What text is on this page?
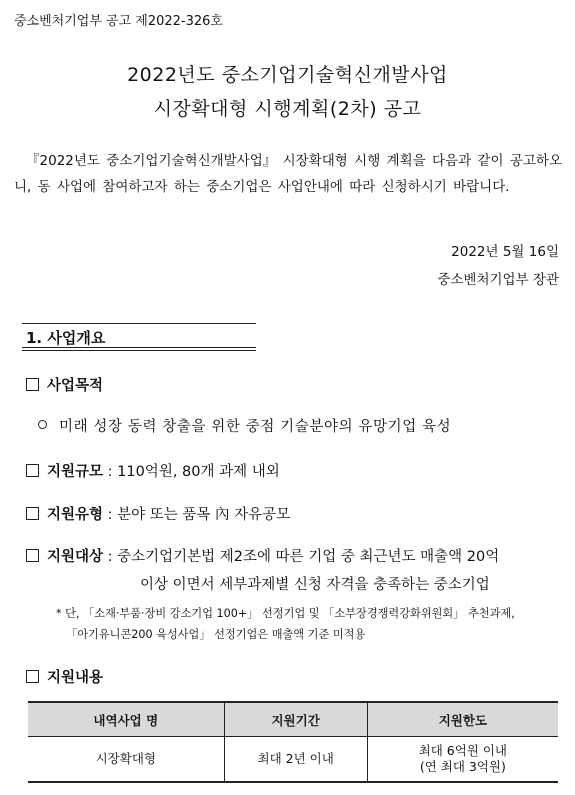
중소벤처기업부 공고 제2022-326호
2022년도 중소기업기술혁신개발사업
시장확대형 시행계획(2차) 공고
『2022년도 중소기업기술혁신개발사업』 시장확대형 시행 계획을 다음과 같이 공고하오니, 동 사업에 참여하고자 하는 중소기업은 사업안내에 따라 신청하시기 바랍니다.
2022년 5월 16일
중소벤처기업부 장관
1. 사업개요
사업목적
미래 성장 동력 창출을 위한 중점 기술분야의 유망기업 육성
지원규모 : 110억원, 80개 과제 내외
지원유형 : 분야 또는 품목 內 자유공모
지원대상 : 중소기업기본법 제2조에 따른 기업 중 최근년도 매출액 20억
이상 이면서 세부과제별 신청 자격을 충족하는 중소기업
* 단, 「소재·부품·장비 강소기업 100+」 선정기업 및 「소부장경쟁력강화위원회」 추천과제,
「아기유니콘200 육성사업」 선정기업은 매출액 기준 미적용
지원내용
내역사업 명	지원기간	지원한도
시장확대형	최대 2년 이내	최대 6억원 이내
(연 최대 3억원)
